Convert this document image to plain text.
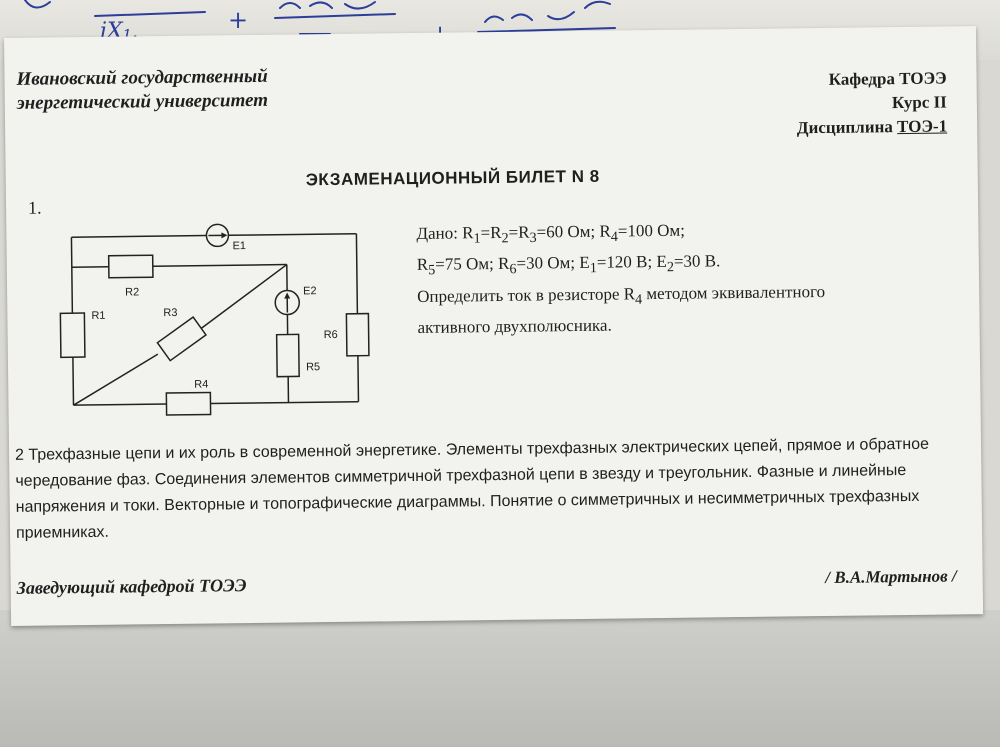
iX₁.	+

Ивановский государственный
энергетический университет

Кафедра ТОЭЭ
Курс II
Дисциплина ТОЭ-1

ЭКЗАМЕНАЦИОННЫЙ БИЛЕТ N 8

1.
E1
E2
R1
R2
R3
R4
R5
R6
Дано: $R_1=R_2=R_3=60$ Ом; $R_4=100$ Ом;
$R_5=75$ Ом; $R_6=30$ Ом; $E_1=120$ В; $E_2=30$ В.
Определить ток в резисторе $R_4$ методом эквивалентного
активного двухполюсника.

2 Трехфазные цепи и их роль в современной энергетике. Элементы трехфазных электрических цепей, прямое и обратное чередование фаз. Соединения элементов симметричной трехфазной цепи в звезду и треугольник. Фазные и линейные напряжения и токи. Векторные и топографические диаграммы. Понятие о симметричных и несимметричных трехфазных приемниках.

Заведующий кафедрой ТОЭЭ	/ В.А.Мартынов /
